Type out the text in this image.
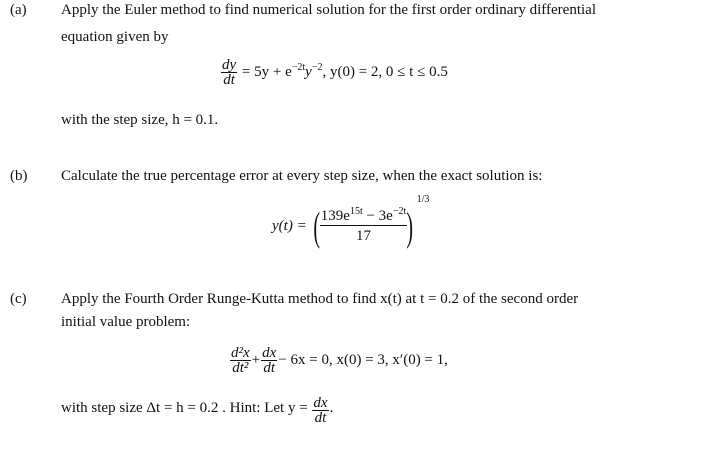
(a) Apply the Euler method to find numerical solution for the first order ordinary differential
equation given by
$\frac{dy}{dt} = 5y + e^{-2t}y^{-2}$, y(0) = 2, 0 ≤ t ≤ 0.5
with the step size, h = 0.1.
(b) Calculate the true percentage error at every step size, when the exact solution is:
y(t) = ( $\frac{139e^{15t} - 3e^{-2t}}{17} )^{1/3}$
(c) Apply the Fourth Order Runge-Kutta method to find x(t) at t = 0.2 of the second order
initial value problem:
$\frac{\text{d²x}}{\text{dt²}} + \frac{dx}{dt} - 6x = 0$, x(0) = 3, x′(0) = 1,
with step size Δt = h = 0.2 . Hint: Let $y = \frac{dx}{dt}$ .
